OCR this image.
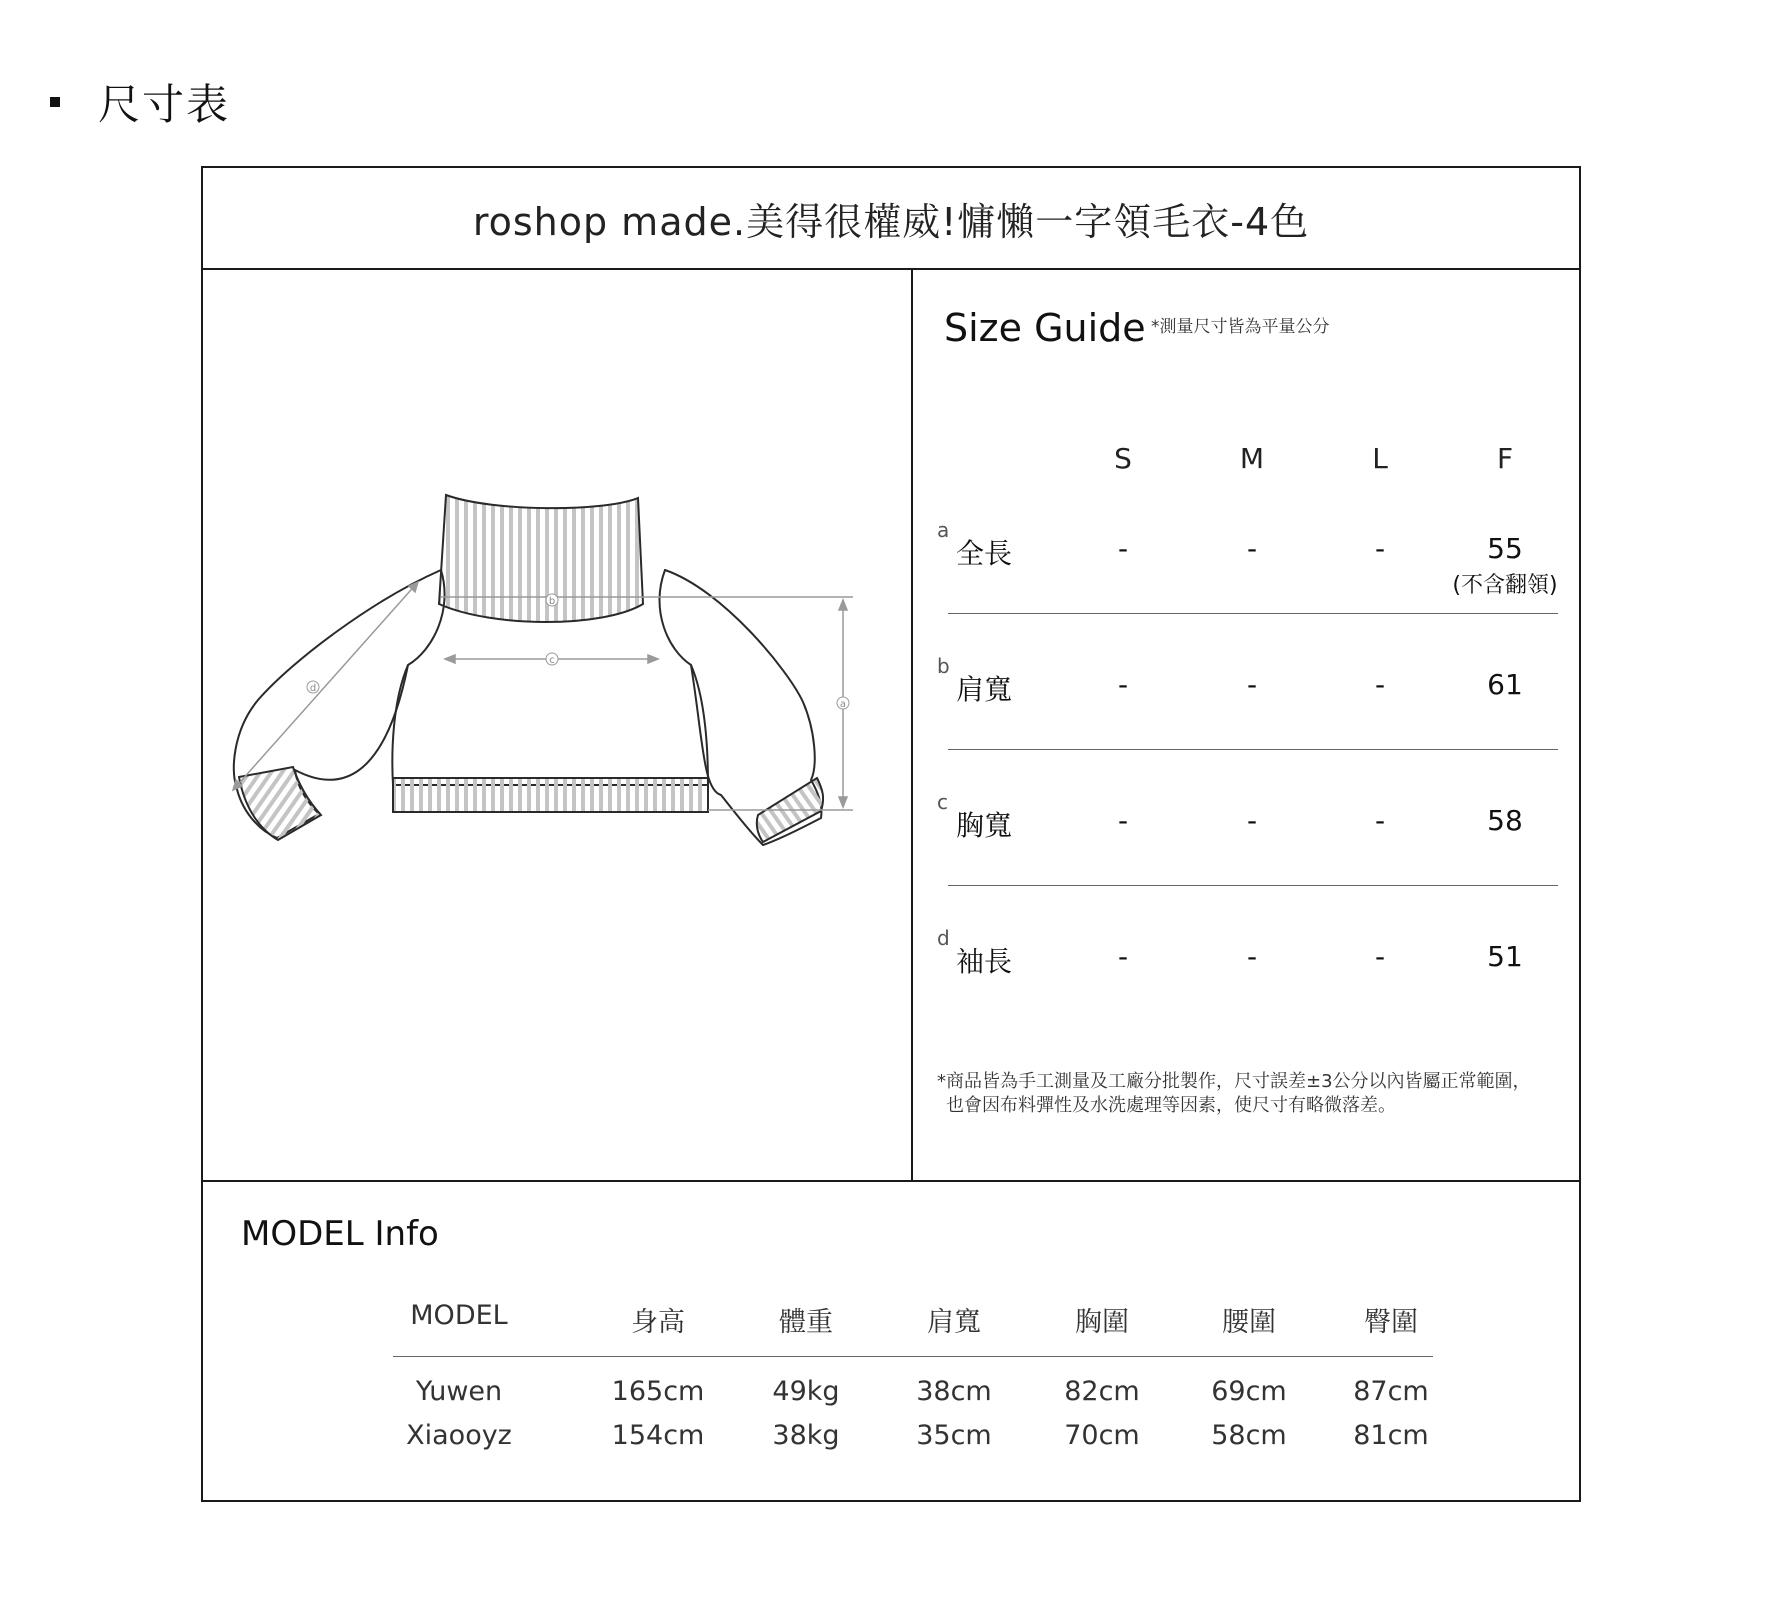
尺寸表
roshop made.美得很權威!慵懶一字領毛衣-4色
a
b
c
d
Size Guide *測量尺寸皆為平量公分
S	M	L	F
a
全長	-	-	-	55
(不含翻領)
b
肩寬	-	-	-	61
c
胸寬	-	-	-	58
d
袖長	-	-	-	51
*商品皆為手工測量及工廠分批製作，尺寸誤差±3公分以內皆屬正常範圍，
也會因布料彈性及水洗處理等因素，使尺寸有略微落差。
MODEL Info
MODEL	身高	體重	肩寬	胸圍	腰圍	臀圍
Yuwen	165cm	49kg	38cm	82cm	69cm	87cm
Xiaooyz	154cm	38kg	35cm	70cm	58cm	81cm
